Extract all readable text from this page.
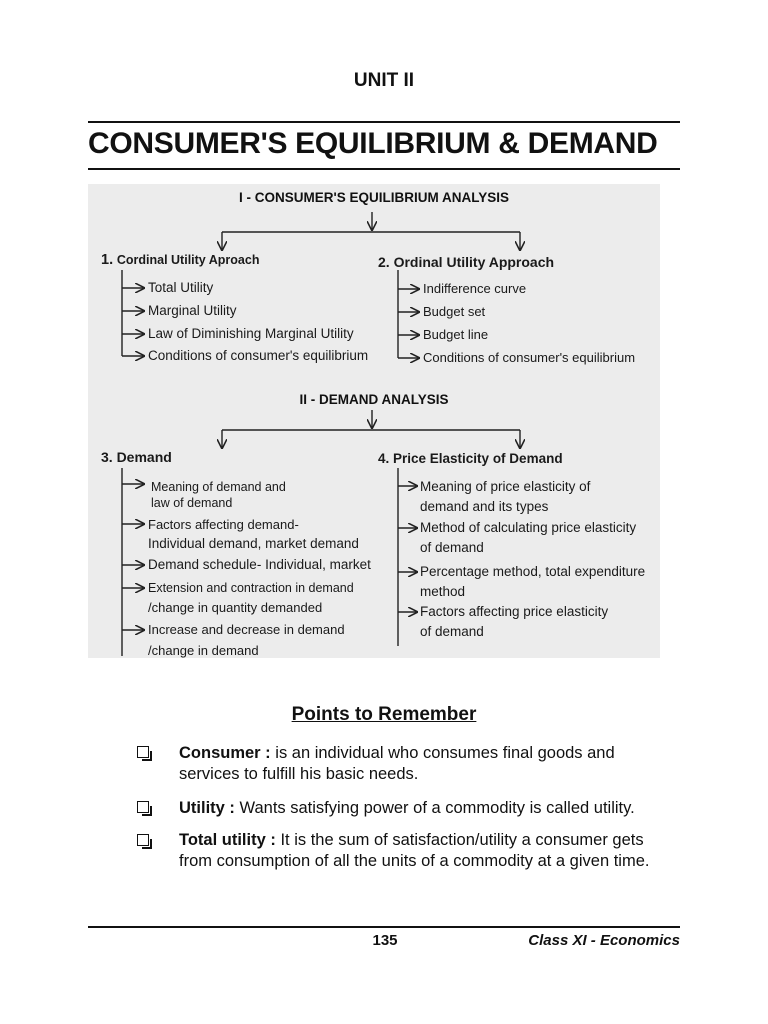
UNIT II
CONSUMER'S EQUILIBRIUM & DEMAND
I - CONSUMER'S EQUILIBRIUM ANALYSIS
1. Cordinal Utility Aproach
Total Utility
Marginal Utility
Law of Diminishing Marginal Utility
Conditions of consumer's equilibrium
2. Ordinal Utility Approach
Indifference curve
Budget set
Budget line
Conditions of consumer's equilibrium
II - DEMAND ANALYSIS
3. Demand
Meaning of demand and
law of demand
Factors affecting demand-
Individual demand, market demand
Demand schedule- Individual, market
Extension and contraction in demand
/change in quantity demanded
Increase and decrease in demand
/change in demand
4. Price Elasticity of Demand
Meaning of price elasticity of
demand and its types
Method of calculating price elasticity
of demand
Percentage method, total expenditure
method
Factors affecting price elasticity
of demand
Points to Remember
Consumer : is an individual who consumes final goods and
services to fulfill his basic needs.
Utility : Wants satisfying power of a commodity is called utility.
Total utility : It is the sum of satisfaction/utility a consumer gets
from consumption of all the units of a commodity at a given time.
135	Class XI - Economics
